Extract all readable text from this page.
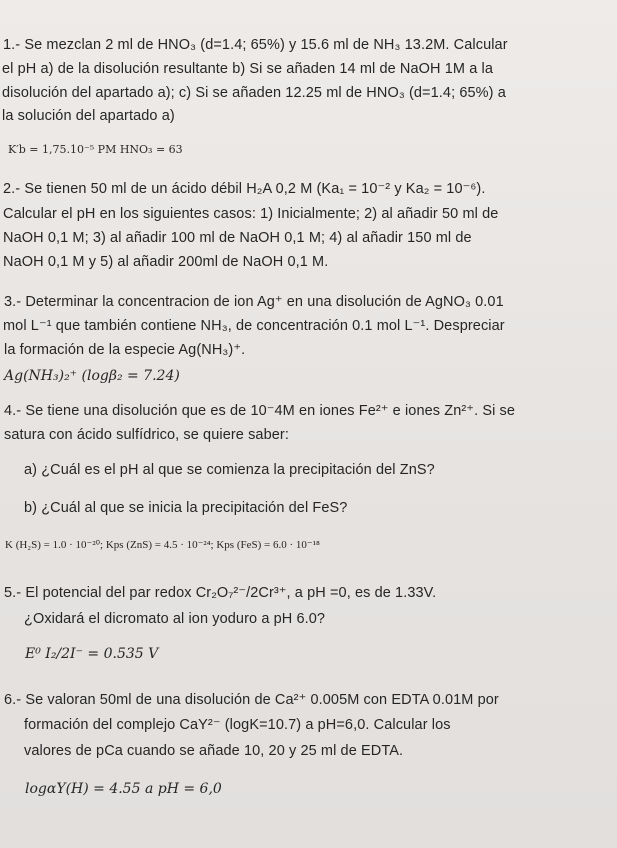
1.- Se mezclan 2 ml de HNO₃ (d=1.4; 65%) y 15.6 ml de NH₃ 13.2M. Calcular
el pH a) de la disolución resultante b) Si se añaden 14 ml de NaOH 1M a la
disolución del apartado a); c) Si se añaden 12.25 ml de HNO₃ (d=1.4; 65%) a
la solución del apartado a)
K′b = 1,75.10⁻⁵ PM HNO₃ = 63
2.- Se tienen 50 ml de un ácido débil H₂A 0,2 M (Ka₁ = 10⁻² y Ka₂ = 10⁻⁶).
Calcular el pH en los siguientes casos: 1) Inicialmente; 2) al añadir 50 ml de
NaOH 0,1 M; 3) al añadir 100 ml de NaOH 0,1 M; 4) al añadir 150 ml de
NaOH 0,1 M y 5) al añadir 200ml de NaOH 0,1 M.
3.- Determinar la concentracion de ion Ag⁺ en una disolución de AgNO₃ 0.01
mol L⁻¹ que también contiene NH₃, de concentración 0.1 mol L⁻¹. Despreciar
la formación de la especie Ag(NH₃)⁺.
Ag(NH₃)₂⁺ (logβ₂ = 7.24)
4.- Se tiene una disolución que es de 10⁻4M en iones Fe²⁺ e iones Zn²⁺. Si se
satura con ácido sulfídrico, se quiere saber:
a) ¿Cuál es el pH al que se comienza la precipitación del ZnS?
b) ¿Cuál al que se inicia la precipitación del FeS?
K (H₂S) = 1.0 · 10⁻²⁰; Kps (ZnS) = 4.5 · 10⁻²⁴; Kps (FeS) = 6.0 · 10⁻¹⁸
5.- El potencial del par redox Cr₂O₇²⁻/2Cr³⁺, a pH =0, es de 1.33V.
¿Oxidará el dicromato al ion yoduro a pH 6.0?
E⁰ I₂/2I⁻ = 0.535 V
6.- Se valoran 50ml de una disolución de Ca²⁺ 0.005M con EDTA 0.01M por
formación del complejo CaY²⁻ (logK=10.7) a pH=6,0. Calcular los
valores de pCa cuando se añade 10, 20 y 25 ml de EDTA.
logαY(H) = 4.55 a pH = 6,0
